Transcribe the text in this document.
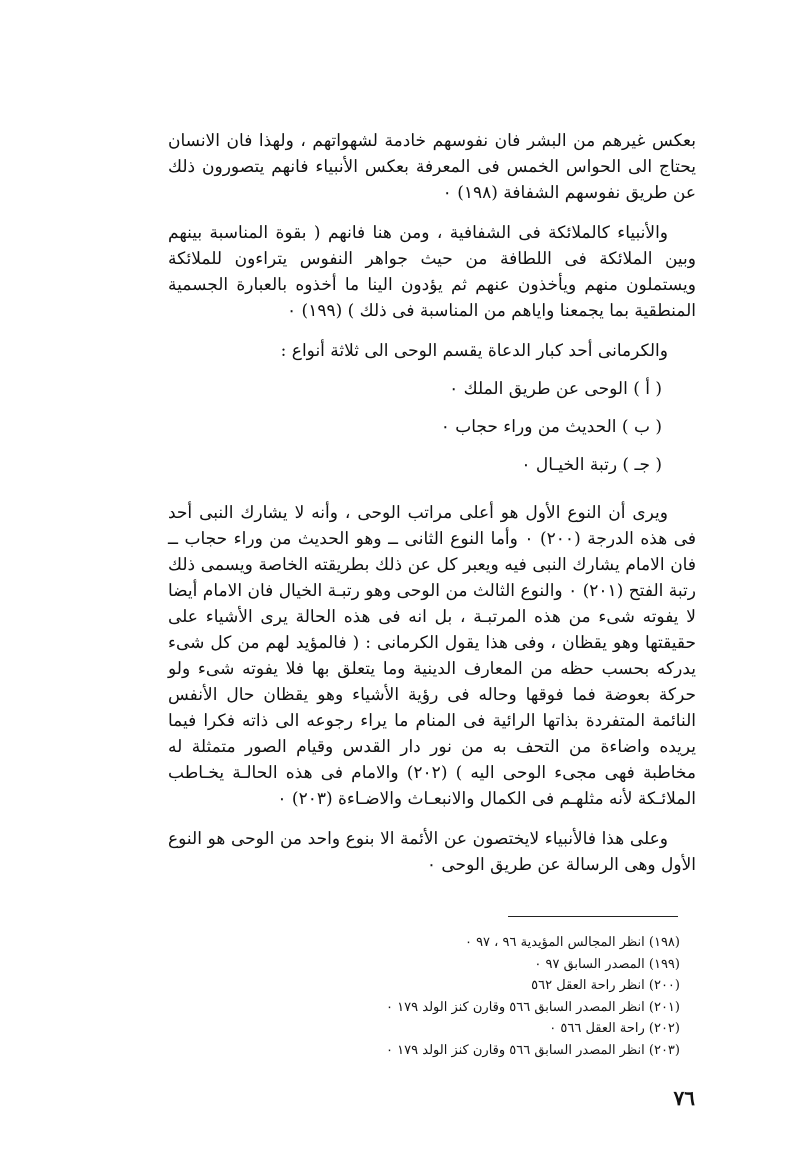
بعكس غيرهم من البشر فان نفوسهم خادمة لشهواتهم ، ولهذا فان الانسان يحتاج الى الحواس الخمس فى المعرفة بعكس الأنبياء فانهم يتصورون ذلك عن طريق نفوسهم الشفافة (١٩٨) ٠

والأنبياء كالملائكة فى الشفافية ، ومن هنا فانهم ( بقوة المناسبة بينهم وبين الملائكة فى اللطافة من حيث جواهر النفوس يتراءون للملائكة ويستملون منهم ويأخذون عنهم ثم يؤدون الينا ما أخذوه بالعبارة الجسمية المنطقية بما يجمعنا واياهم من المناسبة فى ذلك ) (١٩٩) ٠

والكرمانى أحد كبار الدعاة يقسم الوحى الى ثلاثة أنواع :

( أ ) الوحى عن طريق الملك ٠

( ب ) الحديث من وراء حجاب ٠

( جـ ) رتبة الخيـال ٠

ويرى أن النوع الأول هو أعلى مراتب الوحى ، وأنه لا يشارك النبى أحد فى هذه الدرجة (٢٠٠) ٠ وأما النوع الثانى ــ وهو الحديث من وراء حجاب ــ فان الامام يشارك النبى فيه ويعبر كل عن ذلك بطريقته الخاصة ويسمى ذلك رتبة الفتح (٢٠١) ٠ والنوع الثالث من الوحى وهو رتبـة الخيال فان الامام أيضا لا يفوته شىء من هذه المرتبـة ، بل انه فى هذه الحالة يرى الأشياء على حقيقتها وهو يقظان ، وفى هذا يقول الكرمانى : ( فالمؤيد لهم من كل شىء يدركه بحسب حظه من المعارف الدينية وما يتعلق بها فلا يفوته شىء ولو حركة بعوضة فما فوقها وحاله فى رؤية الأشياء وهو يقظان حال الأنفس النائمة المتفردة بذاتها الرائية فى المنام ما يراء رجوعه الى ذاته فكرا فيما يريده واضاءة من التحف به من نور دار القدس وقيام الصور متمثلة له مخاطبة فهى مجىء الوحى اليه ) (٢٠٢) والامام فى هذه الحالـة يخـاطب الملائـكة لأنه مثلهـم فى الكمال والانبعـاث والاضـاءة (٢٠٣) ٠

وعلى هذا فالأنبياء لايختصون عن الأئمة الا بنوع واحد من الوحى هو النوع الأول وهى الرسالة عن طريق الوحى ٠

(١٩٨) انظر المجالس المؤيدية ٩٦ ، ٩٧ ٠

(١٩٩) المصدر السابق ٩٧ ٠

(٢٠٠) انظر راحة العقل ٥٦٢

(٢٠١) انظر المصدر السابق ٥٦٦ وقارن كنز الولد ١٧٩ ٠

(٢٠٢) راحة العقل ٥٦٦ ٠

(٢٠٣) انظر المصدر السابق ٥٦٦ وقارن كنز الولد ١٧٩ ٠

٧٦
